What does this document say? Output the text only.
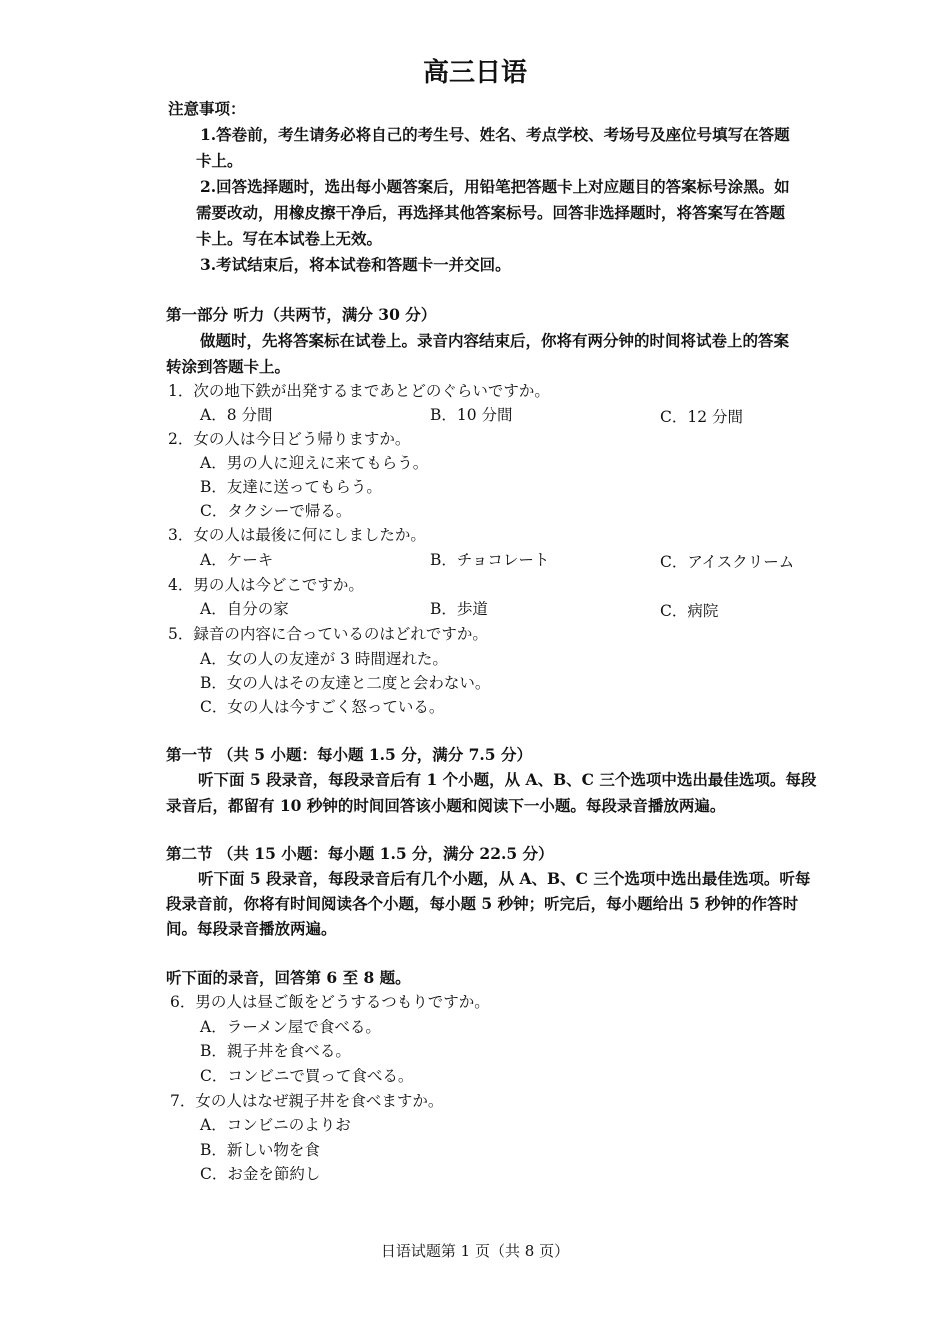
高三日语
注意事项：
1.答卷前，考生请务必将自己的考生号、姓名、考点学校、考场号及座位号填写在答题
卡上。
2.回答选择题时，选出每小题答案后，用铅笔把答题卡上对应题目的答案标号涂黑。如
需要改动，用橡皮擦干净后，再选择其他答案标号。回答非选择题时，将答案写在答题
卡上。写在本试卷上无效。
3.考试结束后，将本试卷和答题卡一并交回。
第一部分 听力（共两节，满分 30 分）
做题时，先将答案标在试卷上。录音内容结束后，你将有两分钟的时间将试卷上的答案
转涂到答题卡上。
1．次の地下鉄が出発するまであとどのぐらいですか。
A．8 分間	B．10 分間	C．12 分間
2．女の人は今日どう帰りますか。
A．男の人に迎えに来てもらう。
B．友達に送ってもらう。
C．タクシーで帰る。
3．女の人は最後に何にしましたか。
A．ケーキ	B．チョコレート	C．アイスクリーム
4．男の人は今どこですか。
A．自分の家	B．歩道	C．病院
5．録音の内容に合っているのはどれですか。
A．女の人の友達が 3 時間遅れた。
B．女の人はその友達と二度と会わない。
C．女の人は今すごく怒っている。
第一节 （共 5 小题：每小题 1.5 分，满分 7.5 分）
听下面 5 段录音，每段录音后有 1 个小题，从 A、B、C 三个选项中选出最佳选项。每段
录音后，都留有 10 秒钟的时间回答该小题和阅读下一小题。每段录音播放两遍。
第二节 （共 15 小题：每小题 1.5 分，满分 22.5 分）
听下面 5 段录音，每段录音后有几个小题，从 A、B、C 三个选项中选出最佳选项。听每
段录音前，你将有时间阅读各个小题，每小题 5 秒钟；听完后，每小题给出 5 秒钟的作答时
间。每段录音播放两遍。
听下面的录音，回答第 6 至 8 题。
6．男の人は昼ご飯をどうするつもりですか。
A．ラーメン屋で食べる。
B．親子丼を食べる。
C．コンビニで買って食べる。
7．女の人はなぜ親子丼を食べますか。
A．コンビニのよりお
B．新しい物を食
C．お金を節約し
日语试题第 1 页（共 8 页）
